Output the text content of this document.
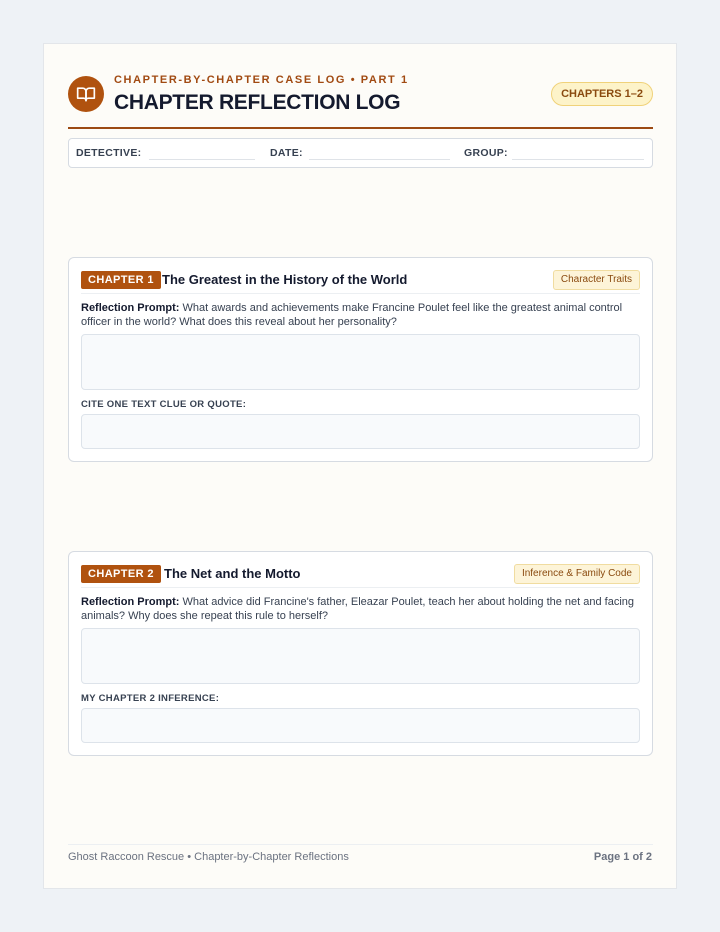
CHAPTER-BY-CHAPTER CASE LOG • PART 1
CHAPTER REFLECTION LOG	CHAPTERS 1–2
DETECTIVE:	DATE:	GROUP:
CHAPTER 1 The Greatest in the History of the World	Character Traits
Reflection Prompt: What awards and achievements make Francine Poulet feel like the greatest animal control officer in the world? What does this reveal about her personality?
CITE ONE TEXT CLUE OR QUOTE:
CHAPTER 2 The Net and the Motto	Inference & Family Code
Reflection Prompt: What advice did Francine's father, Eleazar Poulet, teach her about holding the net and facing animals? Why does she repeat this rule to herself?
MY CHAPTER 2 INFERENCE:
Ghost Raccoon Rescue • Chapter-by-Chapter Reflections	Page 1 of 2
